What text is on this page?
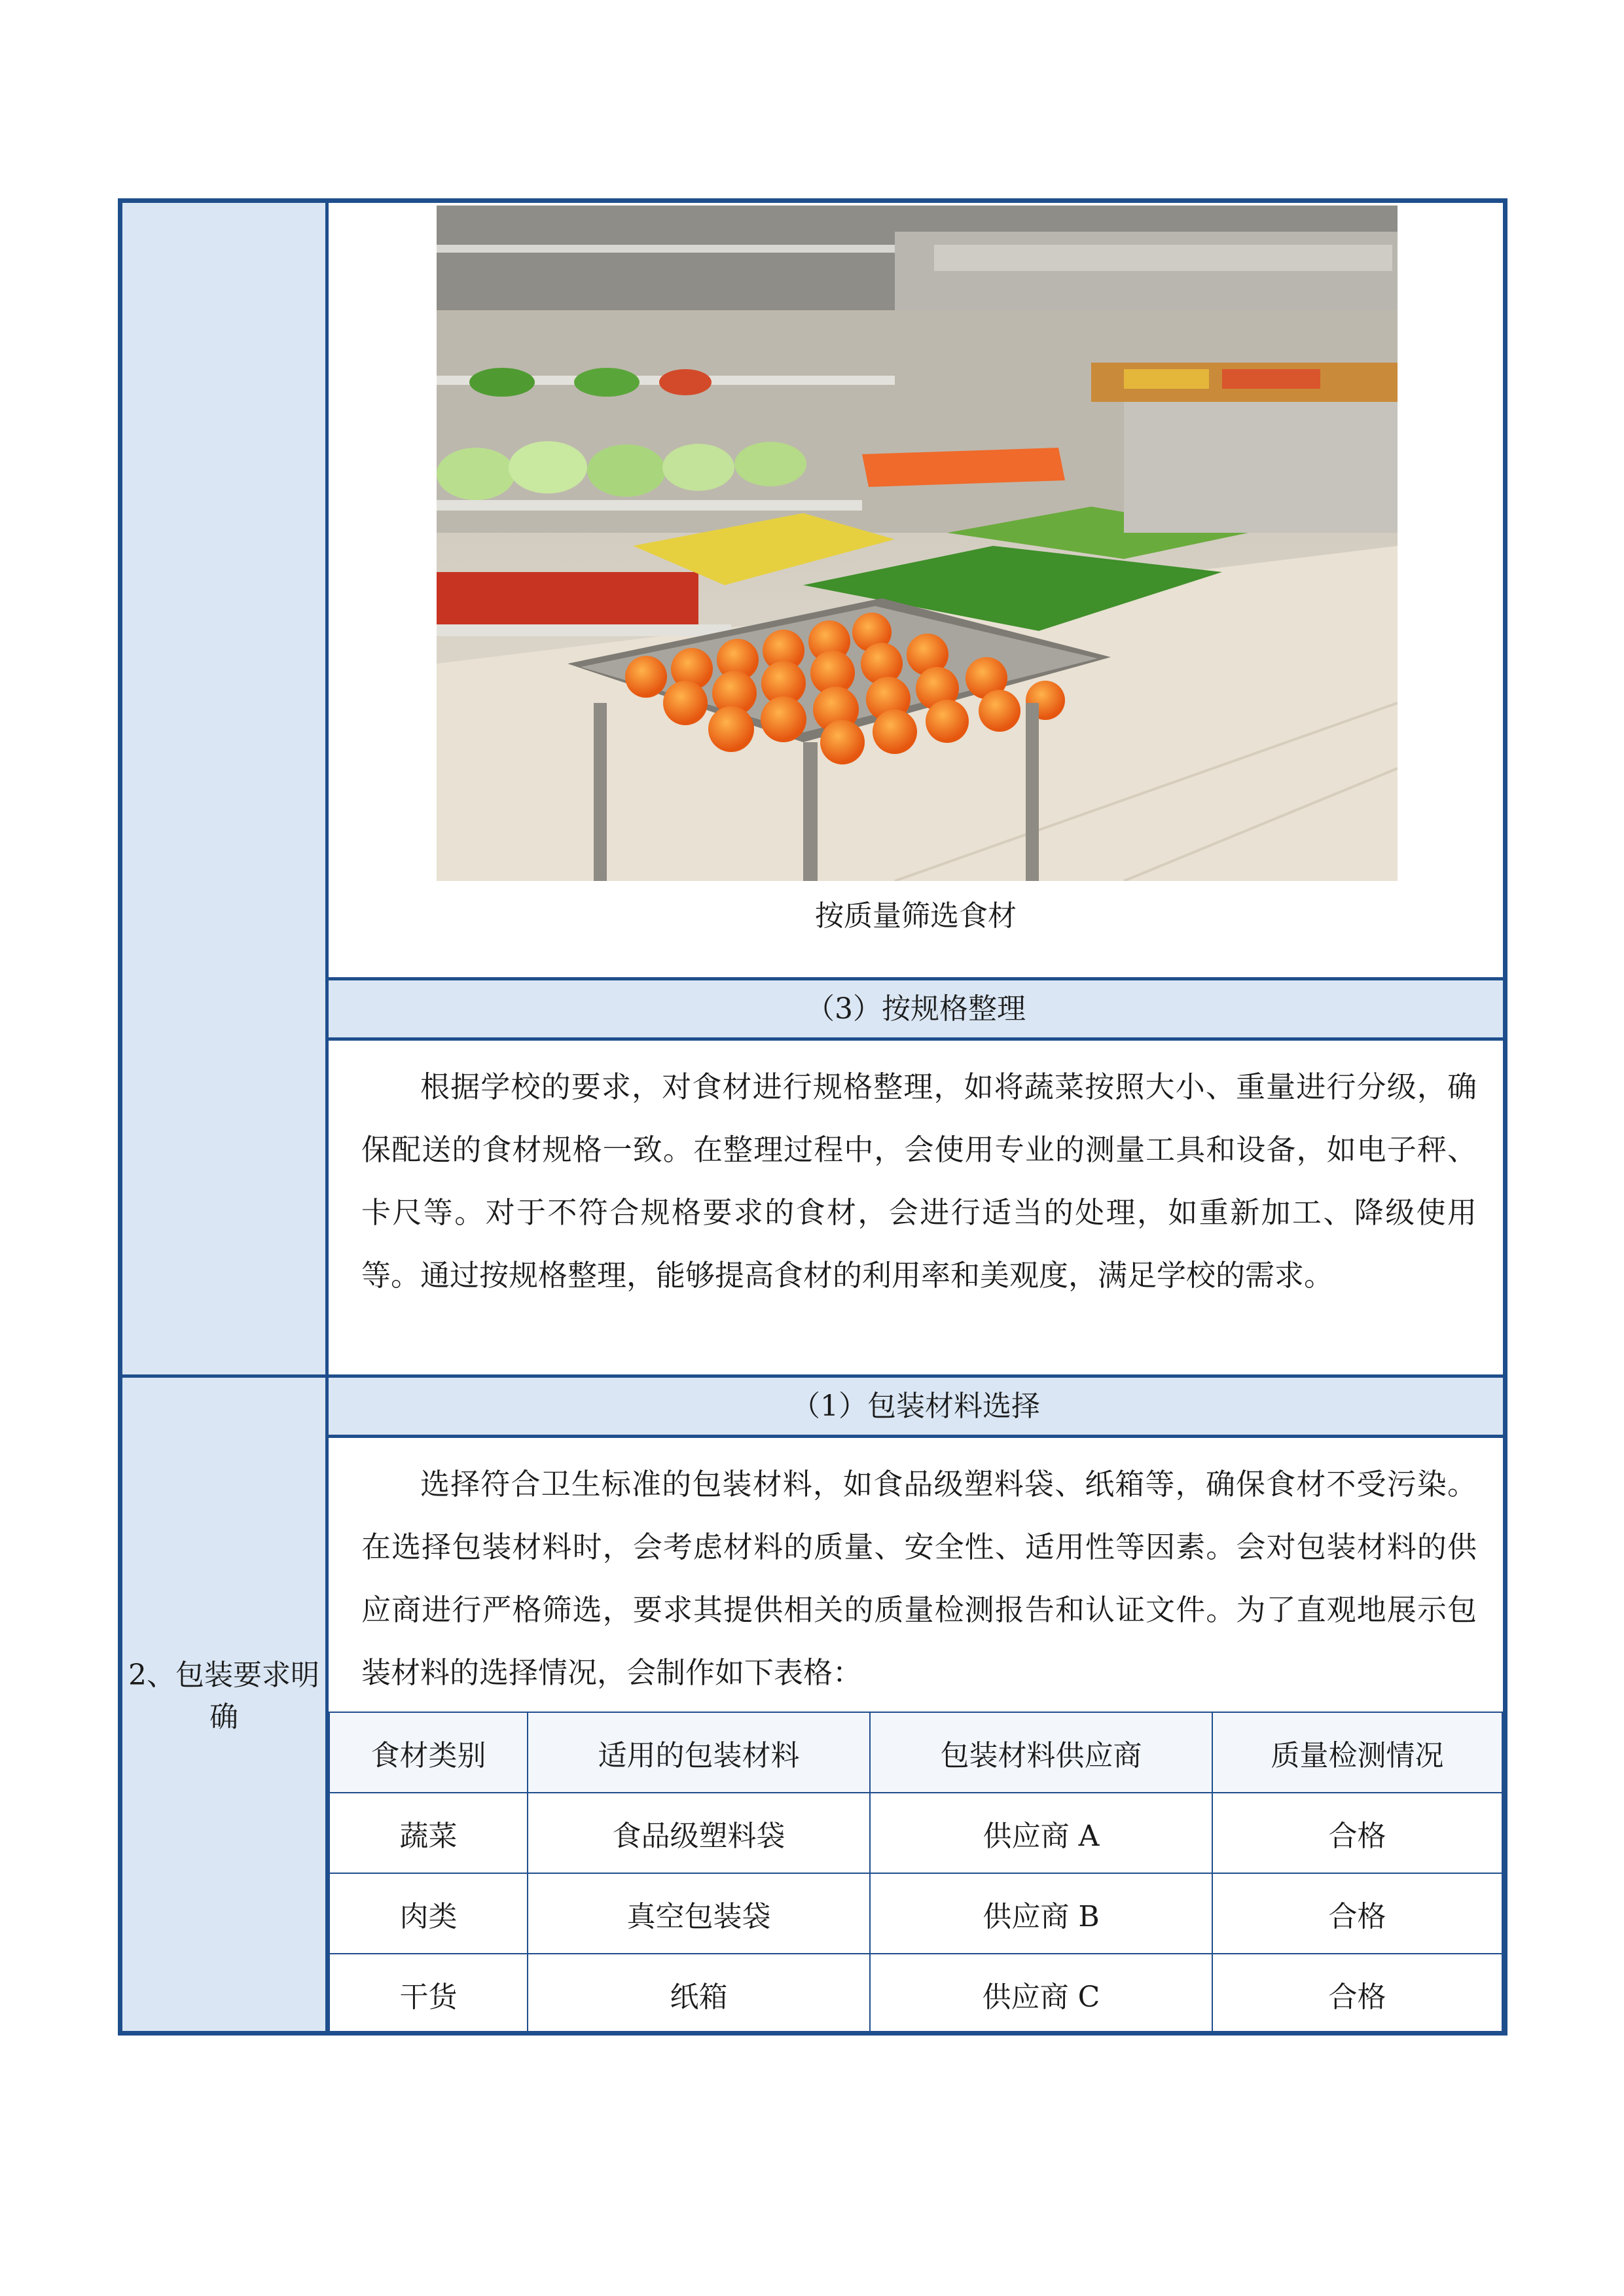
2、包装要求明确
按质量筛选食材
（3）按规格整理
根据学校的要求，对食材进行规格整理，如将蔬菜按照大小、重量进行分级，确保配送的食材规格一致。在整理过程中，会使用专业的测量工具和设备，如电子秤、卡尺等。对于不符合规格要求的食材，会进行适当的处理，如重新加工、降级使用等。通过按规格整理，能够提高食材的利用率和美观度，满足学校的需求。
（1）包装材料选择
选择符合卫生标准的包装材料，如食品级塑料袋、纸箱等，确保食材不受污染。在选择包装材料时，会考虑材料的质量、安全性、适用性等因素。会对包装材料的供应商进行严格筛选，要求其提供相关的质量检测报告和认证文件。为了直观地展示包装材料的选择情况，会制作如下表格：
食材类别	适用的包装材料	包装材料供应商	质量检测情况
蔬菜	食品级塑料袋	供应商 A	合格
肉类	真空包装袋	供应商 B	合格
干货	纸箱	供应商 C	合格
